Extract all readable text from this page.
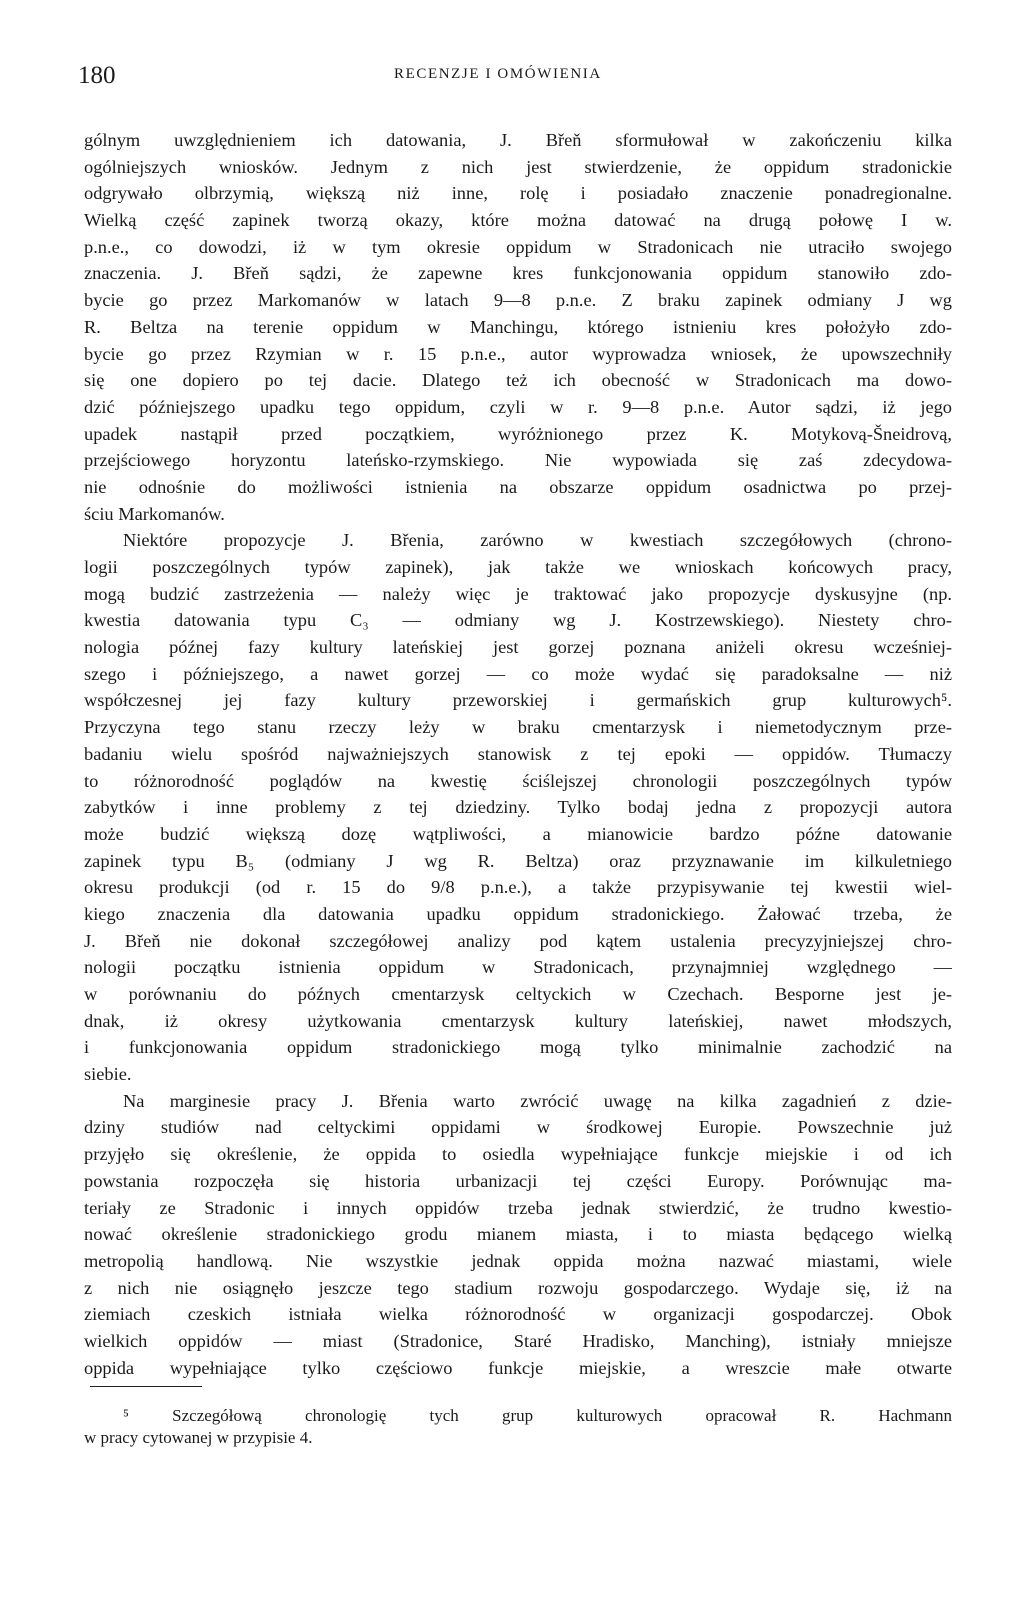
180	RECENZJE I OMÓWIENIA
gólnym uwzględnieniem ich datowania, J. Břeň sformułował w zakończeniu kilka
ogólniejszych wniosków. Jednym z nich jest stwierdzenie, że oppidum stradonickie
odgrywało olbrzymią, większą niż inne, rolę i posiadało znaczenie ponadregionalne.
Wielką część zapinek tworzą okazy, które można datować na drugą połowę I w.
p.n.e., co dowodzi, iż w tym okresie oppidum w Stradonicach nie utraciło swojego
znaczenia. J. Břeň sądzi, że zapewne kres funkcjonowania oppidum stanowiło zdo-
bycie go przez Markomanów w latach 9—8 p.n.e. Z braku zapinek odmiany J wg
R. Beltza na terenie oppidum w Manchingu, którego istnieniu kres położyło zdo-
bycie go przez Rzymian w r. 15 p.n.e., autor wyprowadza wniosek, że upowszechniły
się one dopiero po tej dacie. Dlatego też ich obecność w Stradonicach ma dowo-
dzić późniejszego upadku tego oppidum, czyli w r. 9—8 p.n.e. Autor sądzi, iż jego
upadek nastąpił przed początkiem, wyróżnionego przez K. Motykovą-Šneidrovą,
przejściowego horyzontu lateńsko-rzymskiego. Nie wypowiada się zaś zdecydowa-
nie odnośnie do możliwości istnienia na obszarze oppidum osadnictwa po przej-
ściu Markomanów.
Niektóre propozycje J. Břenia, zarówno w kwestiach szczegółowych (chrono-
logii poszczególnych typów zapinek), jak także we wnioskach końcowych pracy,
mogą budzić zastrzeżenia — należy więc je traktować jako propozycje dyskusyjne (np.
kwestia datowania typu C₃ — odmiany wg J. Kostrzewskiego). Niestety chro-
nologia późnej fazy kultury lateńskiej jest gorzej poznana aniżeli okresu wcześniej-
szego i późniejszego, a nawet gorzej — co może wydać się paradoksalne — niż
współczesnej jej fazy kultury przeworskiej i germańskich grup kulturowych⁵.
Przyczyna tego stanu rzeczy leży w braku cmentarzysk i niemetodycznym prze-
badaniu wielu spośród najważniejszych stanowisk z tej epoki — oppidów. Tłumaczy
to różnorodność poglądów na kwestię ściślejszej chronologii poszczególnych typów
zabytków i inne problemy z tej dziedziny. Tylko bodaj jedna z propozycji autora
może budzić większą dozę wątpliwości, a mianowicie bardzo późne datowanie
zapinek typu B₅ (odmiany J wg R. Beltza) oraz przyznawanie im kilkuletniego
okresu produkcji (od r. 15 do 9/8 p.n.e.), a także przypisywanie tej kwestii wiel-
kiego znaczenia dla datowania upadku oppidum stradonickiego. Żałować trzeba, że
J. Břeň nie dokonał szczegółowej analizy pod kątem ustalenia precyzyjniejszej chro-
nologii początku istnienia oppidum w Stradonicach, przynajmniej względnego —
w porównaniu do późnych cmentarzysk celtyckich w Czechach. Besporne jest je-
dnak, iż okresy użytkowania cmentarzysk kultury lateńskiej, nawet młodszych,
i funkcjonowania oppidum stradonickiego mogą tylko minimalnie zachodzić na
siebie.
Na marginesie pracy J. Břenia warto zwrócić uwagę na kilka zagadnień z dzie-
dziny studiów nad celtyckimi oppidami w środkowej Europie. Powszechnie już
przyjęło się określenie, że oppida to osiedla wypełniające funkcje miejskie i od ich
powstania rozpoczęła się historia urbanizacji tej części Europy. Porównując ma-
teriały ze Stradonic i innych oppidów trzeba jednak stwierdzić, że trudno kwestio-
nować określenie stradonickiego grodu mianem miasta, i to miasta będącego wielką
metropolią handlową. Nie wszystkie jednak oppida można nazwać miastami, wiele
z nich nie osiągnęło jeszcze tego stadium rozwoju gospodarczego. Wydaje się, iż na
ziemiach czeskich istniała wielka różnorodność w organizacji gospodarczej. Obok
wielkich oppidów — miast (Stradonice, Staré Hradisko, Manching), istniały mniejsze
oppida wypełniające tylko częściowo funkcje miejskie, a wreszcie małe otwarte
⁵ Szczegółową chronologię tych grup kulturowych opracował R. Hachmann
w pracy cytowanej w przypisie 4.
